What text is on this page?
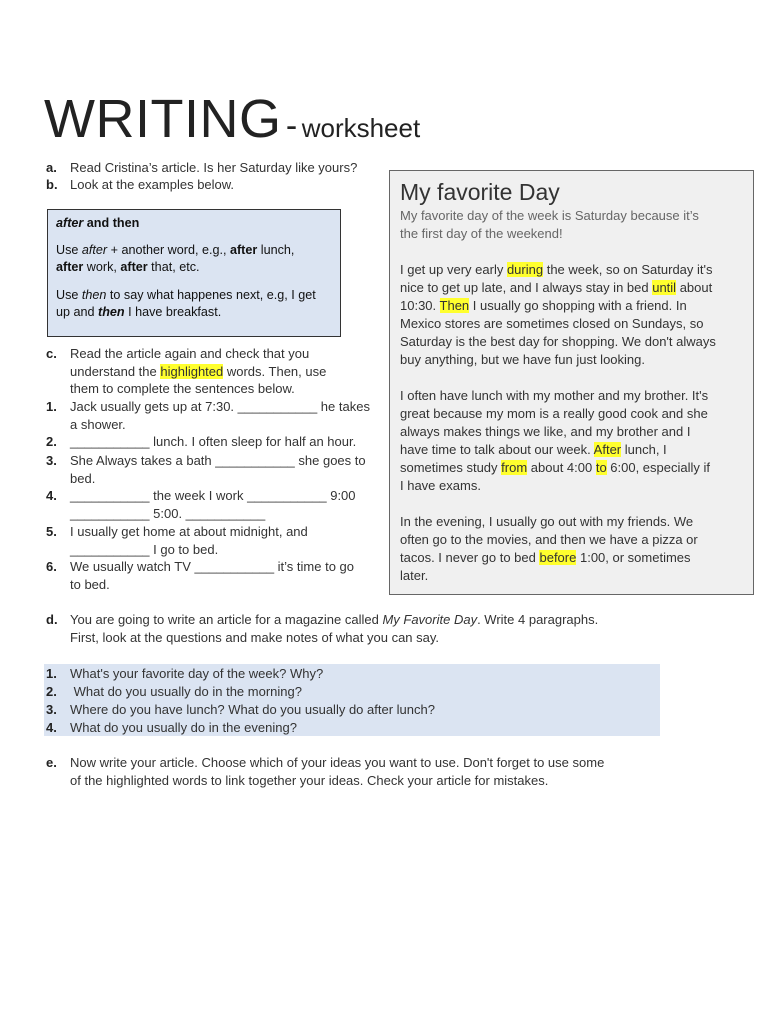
WRITING - worksheet
a. Read Cristina’s article. Is her Saturday like yours?
b. Look at the examples below.

after and then

Use after + another word, e.g., after lunch,
after work, after that, etc.

Use then to say what happenes next, e.g, I get up and then I have breakfast.

c. Read the article again and check that you
understand the highlighted words. Then, use
them to complete the sentences below.
1. Jack usually gets up at 7:30. ___________ he takes
a shower.
2. ___________ lunch. I often sleep for half an hour.
3. She Always takes a bath ___________ she goes to
bed.
4. ___________ the week I work ___________ 9:00
___________ 5:00. ___________
5. I usually get home at about midnight, and
___________ I go to bed.
6. We usually watch TV ___________ it’s time to go
to bed.
My favorite Day
My favorite day of the week is Saturday because it’s
the first day of the weekend!
I get up very early during the week, so on Saturday it's
nice to get up late, and I always stay in bed until about
10:30. Then I usually go shopping with a friend. In
Mexico stores are sometimes closed on Sundays, so
Saturday is the best day for shopping. We don't always
buy anything, but we have fun just looking.
I often have lunch with my mother and my brother. It's
great because my mom is a really good cook and she
always makes things we like, and my brother and I
have time to talk about our week. After lunch, I
sometimes study from about 4:00 to 6:00, especially if
I have exams.
In the evening, I usually go out with my friends. We
often go to the movies, and then we have a pizza or
tacos. I never go to bed before 1:00, or sometimes
later.
d. You are going to write an article for a magazine called My Favorite Day. Write 4 paragraphs.
First, look at the questions and make notes of what you can say.
1. What's your favorite day of the week? Why?
2. What do you usually do in the morning?
3. Where do you have lunch? What do you usually do after lunch?
4. What do you usually do in the evening?
e. Now write your article. Choose which of your ideas you want to use. Don't forget to use some
of the highlighted words to link together your ideas. Check your article for mistakes.
